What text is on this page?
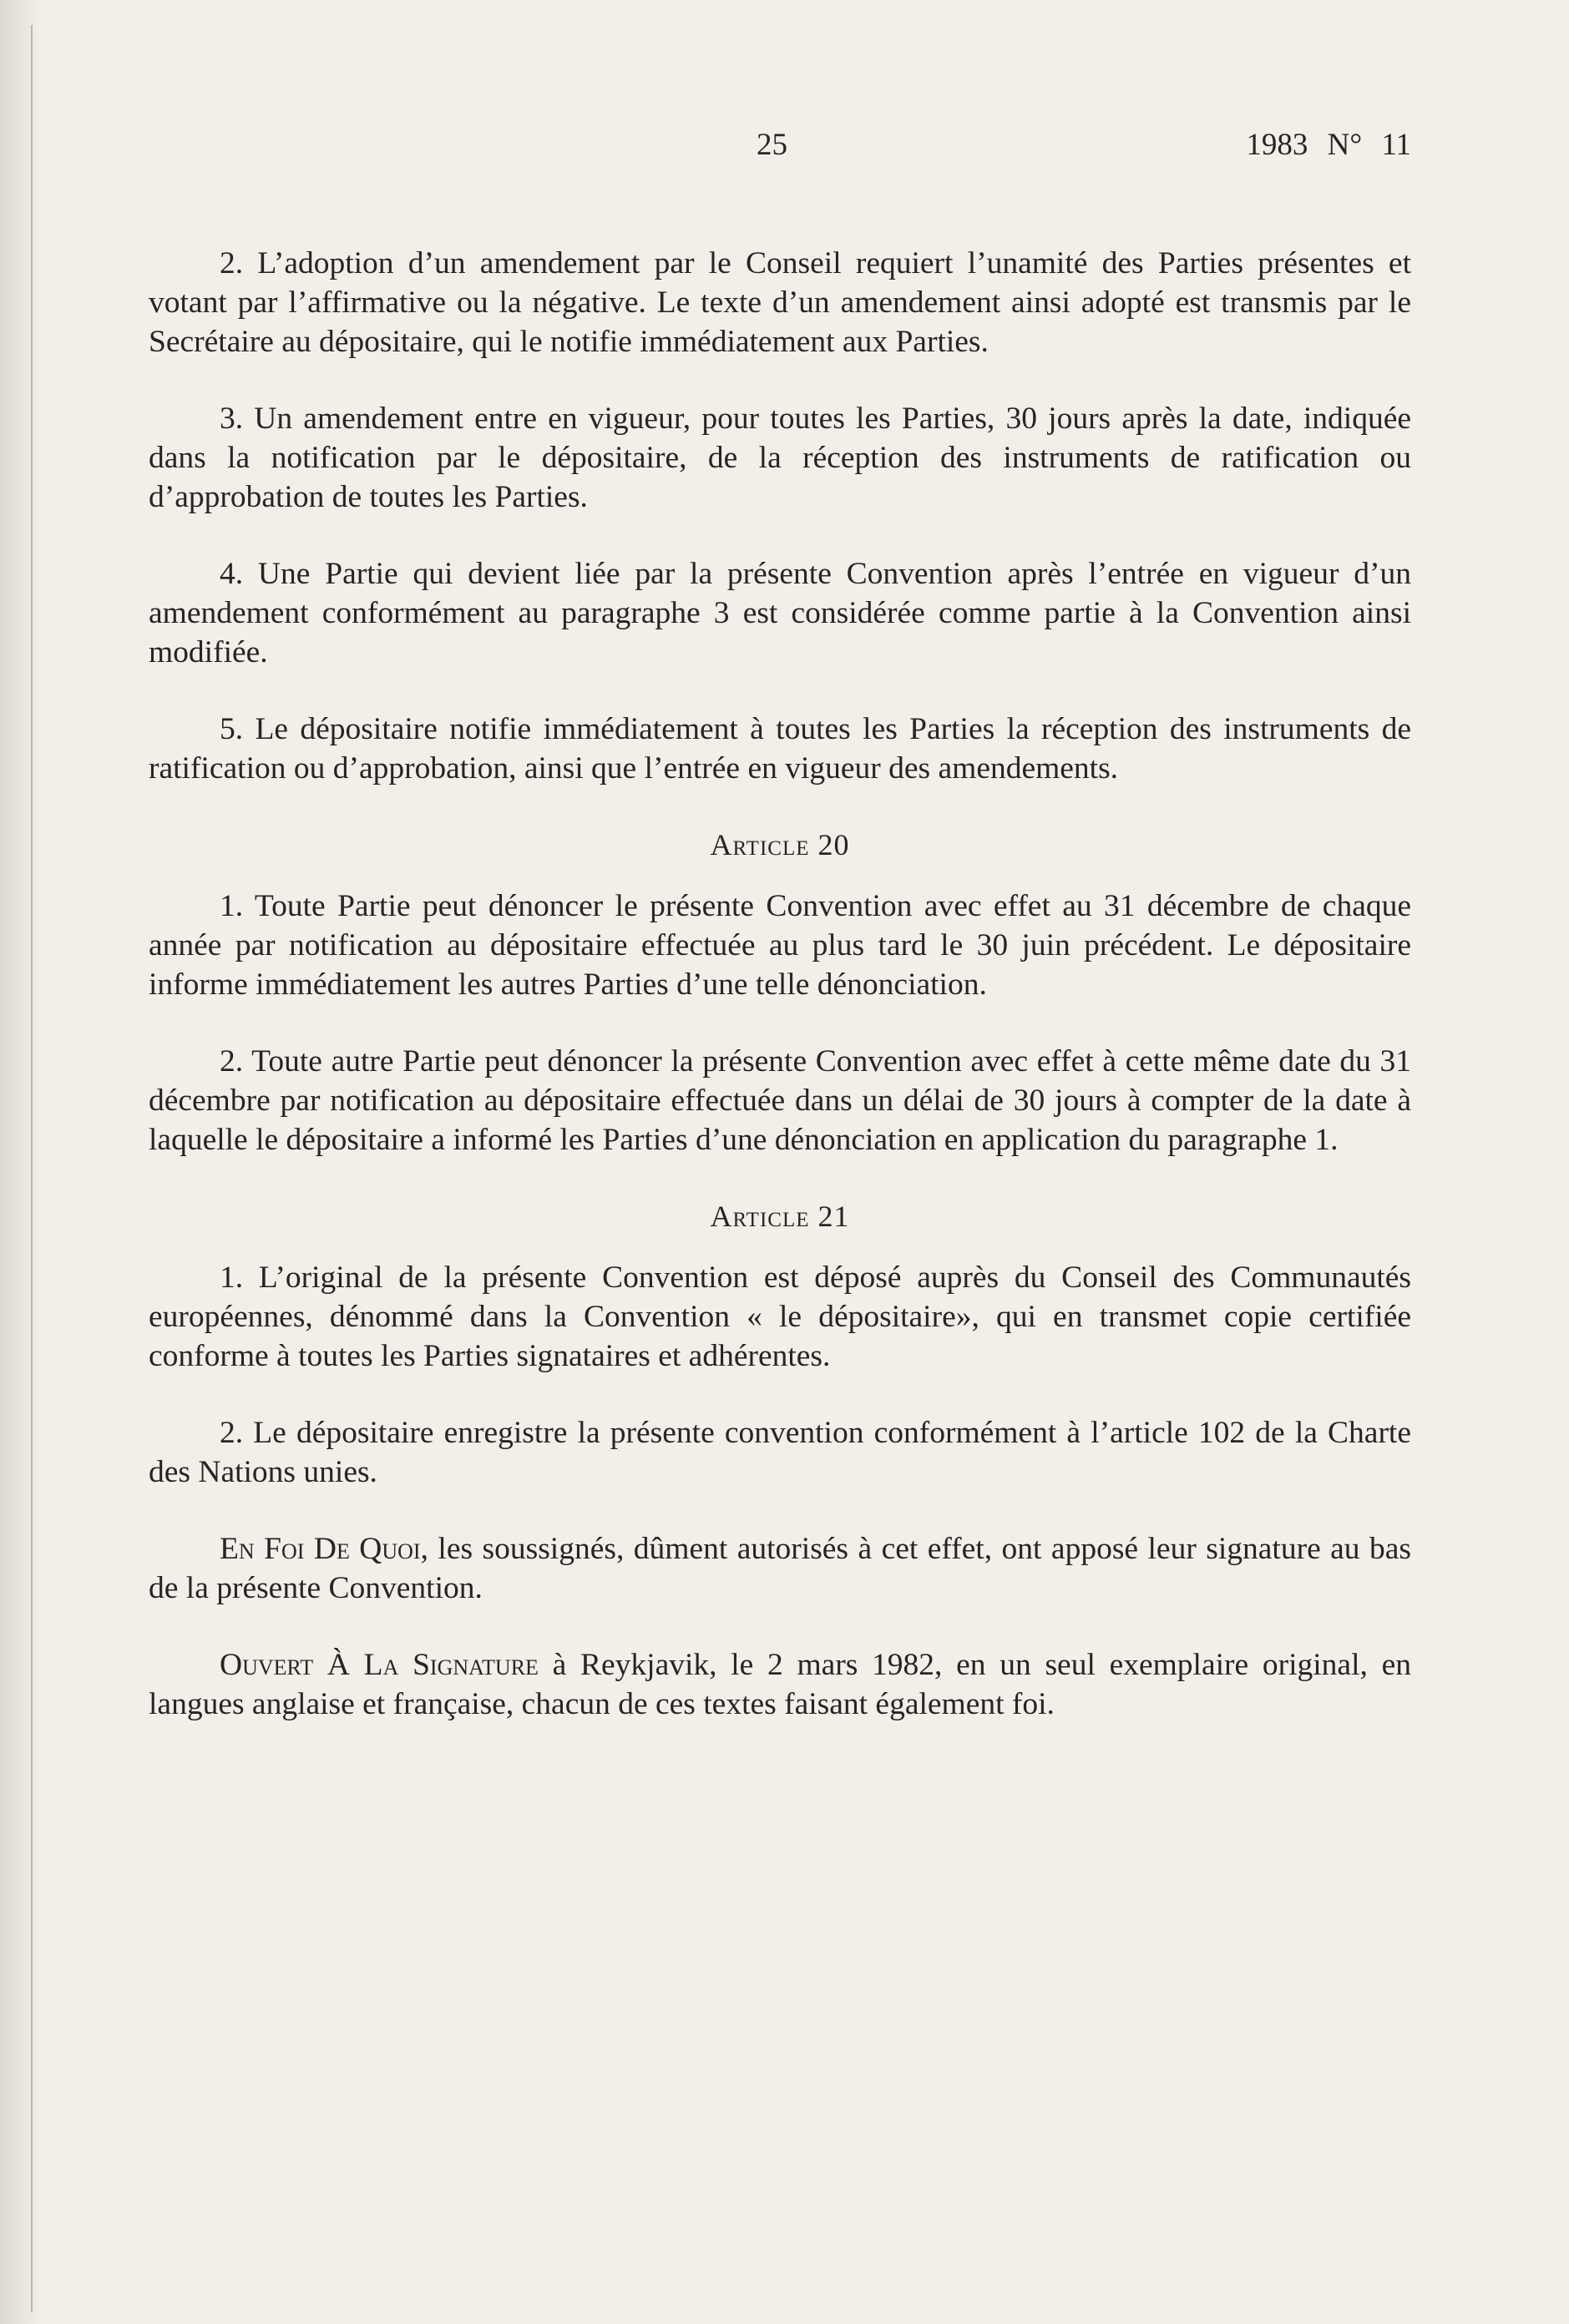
25	1983 N° 11

2. L’adoption d’un amendement par le Conseil requiert l’unamité des Parties présentes et votant par l’affirmative ou la négative. Le texte d’un amendement ainsi adopté est transmis par le Secrétaire au dépositaire, qui le notifie immédiatement aux Parties.

3. Un amendement entre en vigueur, pour toutes les Parties, 30 jours après la date, indiquée dans la notification par le dépositaire, de la réception des instruments de ratification ou d’approbation de toutes les Parties.

4. Une Partie qui devient liée par la présente Convention après l’entrée en vigueur d’un amendement conformément au paragraphe 3 est considérée comme partie à la Convention ainsi modifiée.

5. Le dépositaire notifie immédiatement à toutes les Parties la réception des instruments de ratification ou d’approbation, ainsi que l’entrée en vigueur des amendements.

Article 20

1. Toute Partie peut dénoncer le présente Convention avec effet au 31 décembre de chaque année par notification au dépositaire effectuée au plus tard le 30 juin précédent. Le dépositaire informe immédiatement les autres Parties d’une telle dénonciation.

2. Toute autre Partie peut dénoncer la présente Convention avec effet à cette même date du 31 décembre par notification au dépositaire effectuée dans un délai de 30 jours à compter de la date à laquelle le dépositaire a informé les Parties d’une dénonciation en application du paragraphe 1.

Article 21

1. L’original de la présente Convention est déposé auprès du Conseil des Communautés européennes, dénommé dans la Convention « le dépositaire», qui en transmet copie certifiée conforme à toutes les Parties signataires et adhérentes.

2. Le dépositaire enregistre la présente convention conformément à l’article 102 de la Charte des Nations unies.

En Foi De Quoi, les soussignés, dûment autorisés à cet effet, ont apposé leur signature au bas de la présente Convention.

Ouvert À La Signature à Reykjavik, le 2 mars 1982, en un seul exemplaire original, en langues anglaise et française, chacun de ces textes faisant également foi.
